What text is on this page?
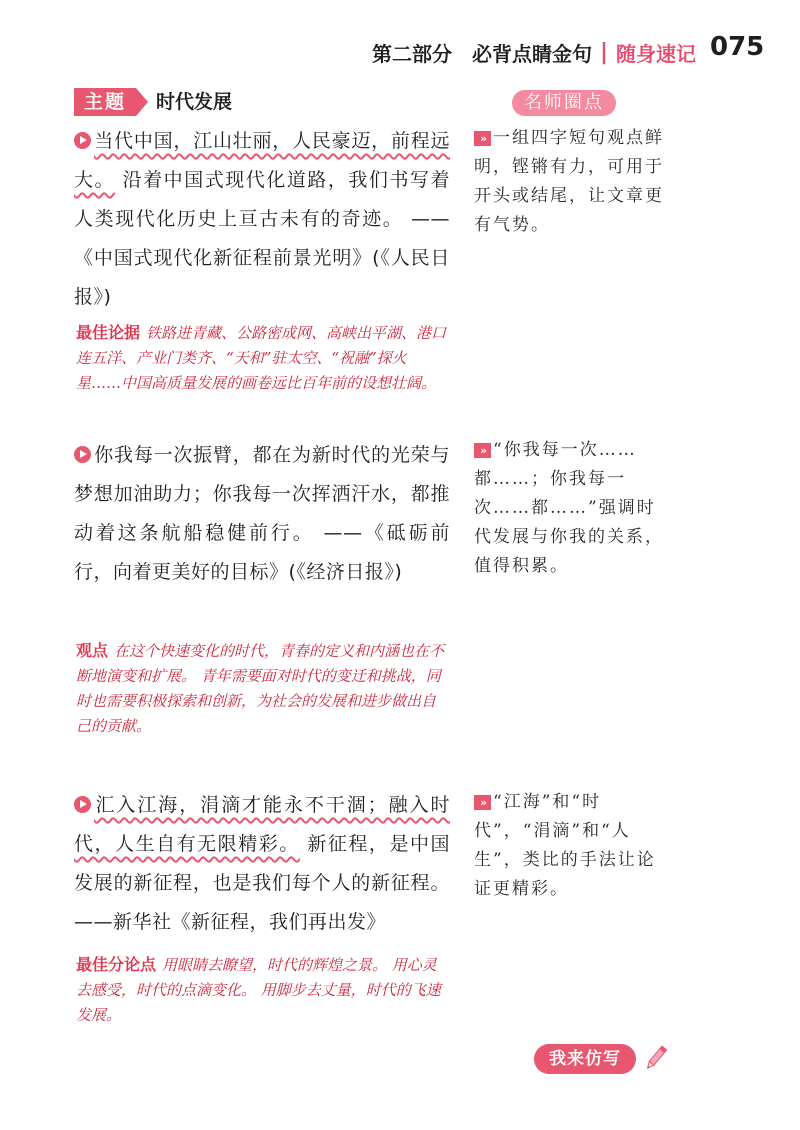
第二部分　必背点睛金句 | 随身速记 075
主题	时代发展	名师圈点
当代中国，江山壮丽，人民豪迈，前程远大。 沿着中国式现代化道路，我们书写着人类现代化历史上亘古未有的奇迹。 ——《中国式现代化新征程前景光明》(《人民日报》)
最佳论据 铁路进青藏、公路密成网、高峡出平湖、港口连五洋、产业门类齐、“天和”驻太空、“祝融”探火星……中国高质量发展的画卷远比百年前的设想壮阔。
» 一组四字短句观点鲜明，铿锵有力，可用于开头或结尾，让文章更有气势。
你我每一次振臂，都在为新时代的光荣与梦想加油助力；你我每一次挥洒汗水，都推动着这条航船稳健前行。 ——《砥砺前行，向着更美好的目标》(《经济日报》)
观点 在这个快速变化的时代，青春的定义和内涵也在不断地演变和扩展。 青年需要面对时代的变迁和挑战，同时也需要积极探索和创新，为社会的发展和进步做出自己的贡献。
» “你我每一次……都……；你我每一次……都……”强调时代发展与你我的关系，值得积累。
汇入江海，涓滴才能永不干涸；融入时代，人生自有无限精彩。 新征程，是中国发展的新征程，也是我们每个人的新征程。 ——新华社《新征程，我们再出发》
最佳分论点 用眼睛去瞭望，时代的辉煌之景。 用心灵去感受，时代的点滴变化。 用脚步去丈量，时代的飞速发展。
» “江海”和“时代”，“涓滴”和“人生”，类比的手法让论证更精彩。
我来仿写
